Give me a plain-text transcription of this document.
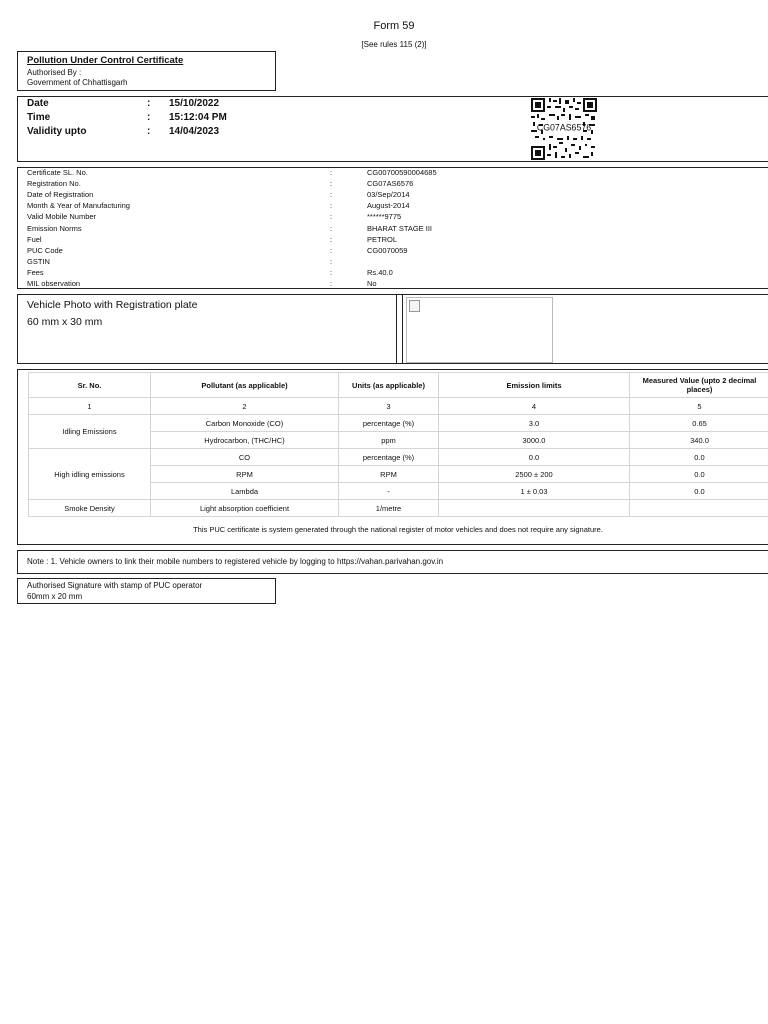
Form 59
[See rules 115 (2)]
Pollution Under Control Certificate
Authorised By :
Government of Chhattisgarh
Date	: 15/10/2022
Time	: 15:12:04 PM
Validity upto	: 14/04/2023	CG07AS6576
Certificate SL. No.	:	CG00700590004685
Registration No.	:	CG07AS6576
Date of Registration	:	03/Sep/2014
Month & Year of Manufacturing	:	August-2014
Valid Mobile Number	:	******9775
Emission Norms	:	BHARAT STAGE III
Fuel	:	PETROL
PUC Code	:	CG0070059
GSTIN	:
Fees	:	Rs.40.0
MIL observation	:	No
Vehicle Photo with Registration plate
60 mm x 30 mm
Sr. No.	Pollutant (as applicable)	Units (as applicable)	Emission limits	Measured Value (upto 2 decimal places)
1	2	3	4	5
Idling Emissions	Carbon Monoxide (CO)	percentage (%)	3.0	0.65
	Hydrocarbon, (THC/HC)	ppm	3000.0	340.0
High idling emissions	CO	percentage (%)	0.0	0.0
	RPM	RPM	2500 ± 200	0.0
	Lambda	-	1 ± 0.03	0.0
Smoke Density	Light absorption coefficient	1/metre		
This PUC certificate is system generated through the national register of motor vehicles and does not require any signature.
Note : 1. Vehicle owners to link their mobile numbers to registered vehicle by logging to https://vahan.parivahan.gov.in
Authorised Signature with stamp of PUC operator
60mm x 20 mm
